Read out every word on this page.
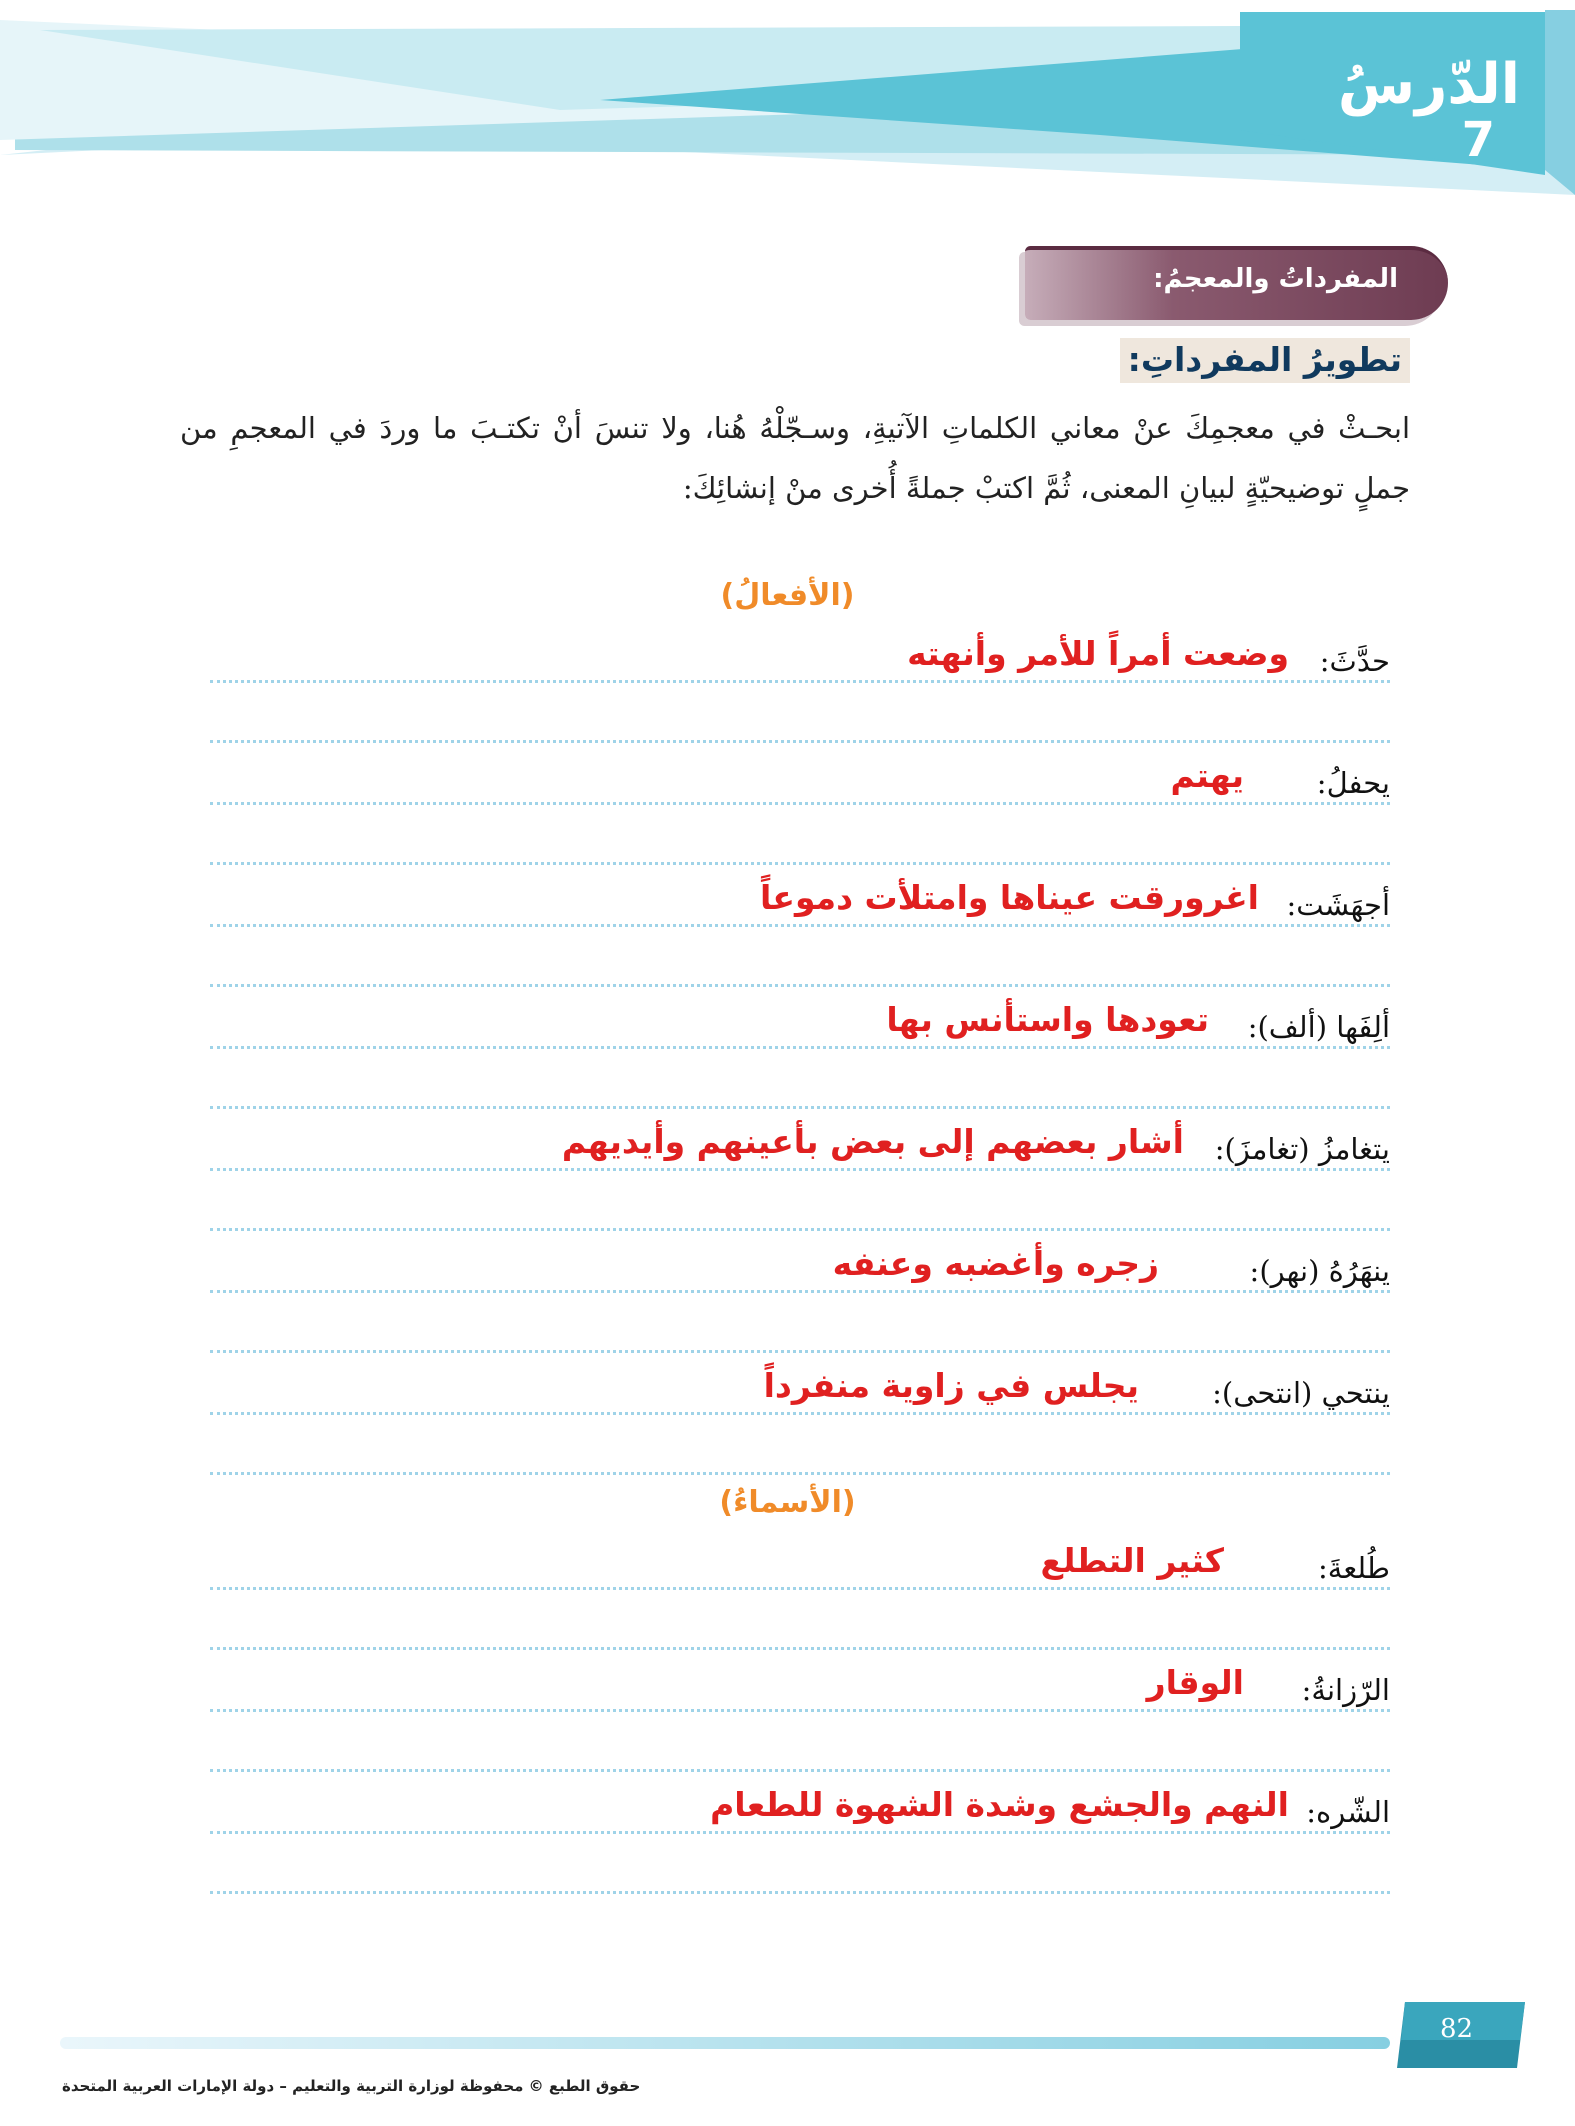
الدّرسُ
7
المفرداتُ والمعجمُ:
تطويرُ المفرداتِ:
ابحـثْ في معجمِكَ عنْ معاني الكلماتِ الآتيةِ، وسـجّلْهُ هُنا، ولا تنسَ أنْ تكتـبَ ما وردَ في المعجمِ من جملٍ توضيحيّةٍ لبيانِ المعنى، ثُمَّ اكتبْ جملةً أُخرى منْ إنشائِكَ:
(الأفعالُ)
حدَّثَ:
وضعت أمراً للأمر وأنهته
يحفلُ:
يهتم
أجهَشَت:
اغرورقت عيناها وامتلأت دموعاً
ألِفَها (ألف):
تعودها واستأنس بها
يتغامزُ (تغامزَ):
أشار بعضهم إلى بعض بأعينهم وأيديهم
ينهَرُهُ (نهر):
زجره وأغضبه وعنفه
ينتحي (انتحى):
يجلس في زاوية منفرداً
(الأسماءُ)
طُلعةَ:
كثير التطلع
الرّزانةُ:
الوقار
الشّره:
النهم والجشع وشدة الشهوة للطعام
82
حقوق الطبع © محفوظة لوزارة التربية والتعليم – دولة الإمارات العربية المتحدة
